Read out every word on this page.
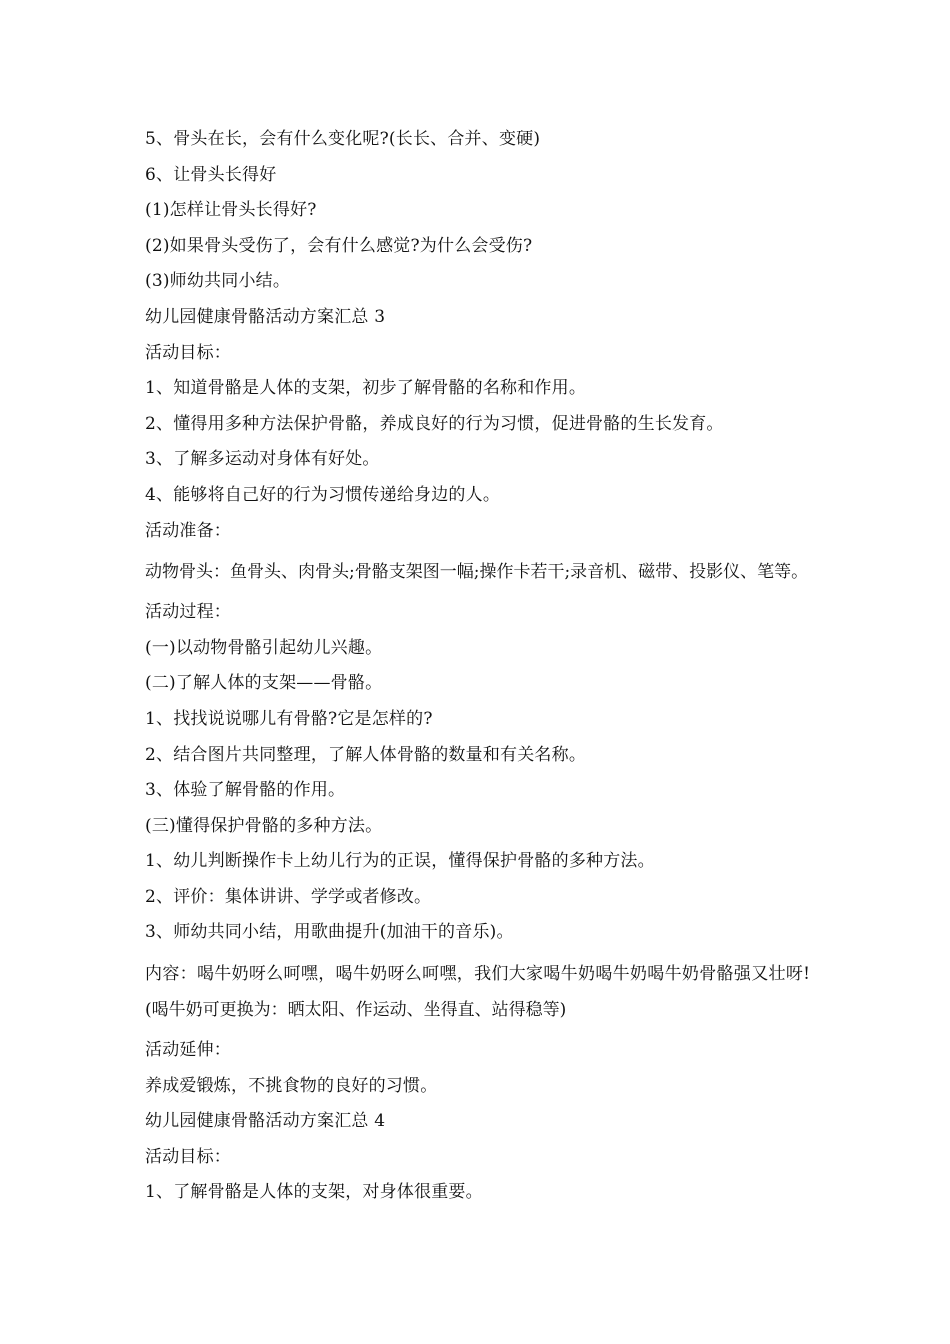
5、骨头在长，会有什么变化呢?(长长、合并、变硬)
6、让骨头长得好
(1)怎样让骨头长得好?
(2)如果骨头受伤了，会有什么感觉?为什么会受伤?
(3)师幼共同小结。
幼儿园健康骨骼活动方案汇总 3
活动目标：
1、知道骨骼是人体的支架，初步了解骨骼的名称和作用。
2、懂得用多种方法保护骨骼，养成良好的行为习惯，促进骨骼的生长发育。
3、了解多运动对身体有好处。
4、能够将自己好的行为习惯传递给身边的人。
活动准备：
动物骨头：鱼骨头、肉骨头;骨骼支架图一幅;操作卡若干;录音机、磁带、投影仪、笔等。
活动过程：
(一)以动物骨骼引起幼儿兴趣。
(二)了解人体的支架——骨骼。
1、找找说说哪儿有骨骼?它是怎样的?
2、结合图片共同整理，了解人体骨骼的数量和有关名称。
3、体验了解骨骼的作用。
(三)懂得保护骨骼的多种方法。
1、幼儿判断操作卡上幼儿行为的正误，懂得保护骨骼的多种方法。
2、评价：集体讲讲、学学或者修改。
3、师幼共同小结，用歌曲提升(加油干的音乐)。
内容：喝牛奶呀么呵嘿，喝牛奶呀么呵嘿，我们大家喝牛奶喝牛奶喝牛奶骨骼强又壮呀!(喝牛奶可更换为：晒太阳、作运动、坐得直、站得稳等)
活动延伸：
养成爱锻炼，不挑食物的良好的习惯。
幼儿园健康骨骼活动方案汇总 4
活动目标：
1、了解骨骼是人体的支架，对身体很重要。
